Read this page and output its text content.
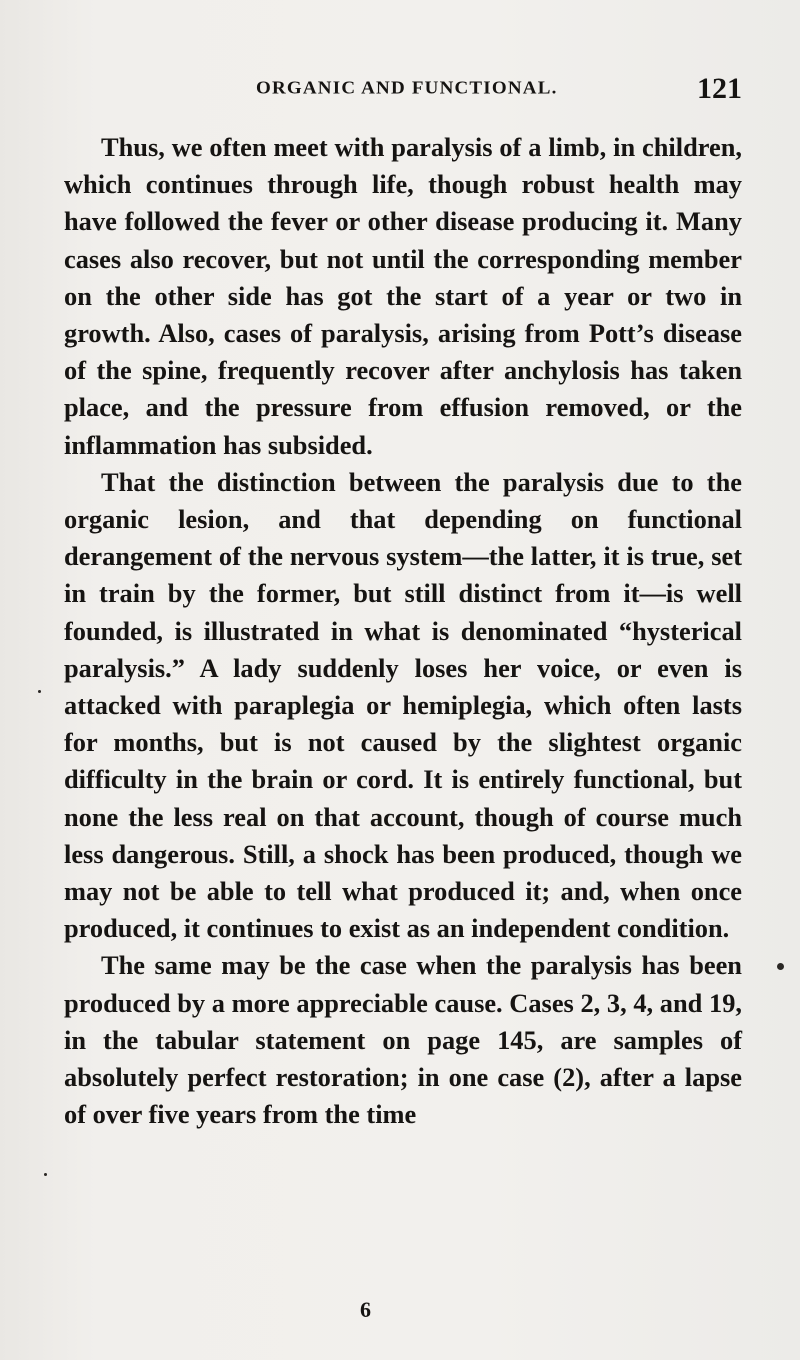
ORGANIC AND FUNCTIONAL.	121

Thus, we often meet with paralysis of a limb, in children, which continues through life, though robust health may have followed the fever or other disease producing it. Many cases also recover, but not until the corresponding member on the other side has got the start of a year or two in growth. Also, cases of paralysis, arising from Pott’s disease of the spine, frequently recover after anchylosis has taken place, and the pressure from effusion removed, or the inflammation has subsided.

That the distinction between the paralysis due to the organic lesion, and that depending on functional derangement of the nervous system—the latter, it is true, set in train by the former, but still distinct from it—is well founded, is illustrated in what is denominated “hysterical paralysis.” A lady suddenly loses her voice, or even is attacked with paraplegia or hemiplegia, which often lasts for months, but is not caused by the slightest organic difficulty in the brain or cord. It is entirely functional, but none the less real on that account, though of course much less dangerous. Still, a shock has been produced, though we may not be able to tell what produced it; and, when once produced, it continues to exist as an independent condition.

The same may be the case when the paralysis has been produced by a more appreciable cause. Cases 2, 3, 4, and 19, in the tabular statement on page 145, are samples of absolutely perfect restoration; in one case (2), after a lapse of over five years from the time

6
